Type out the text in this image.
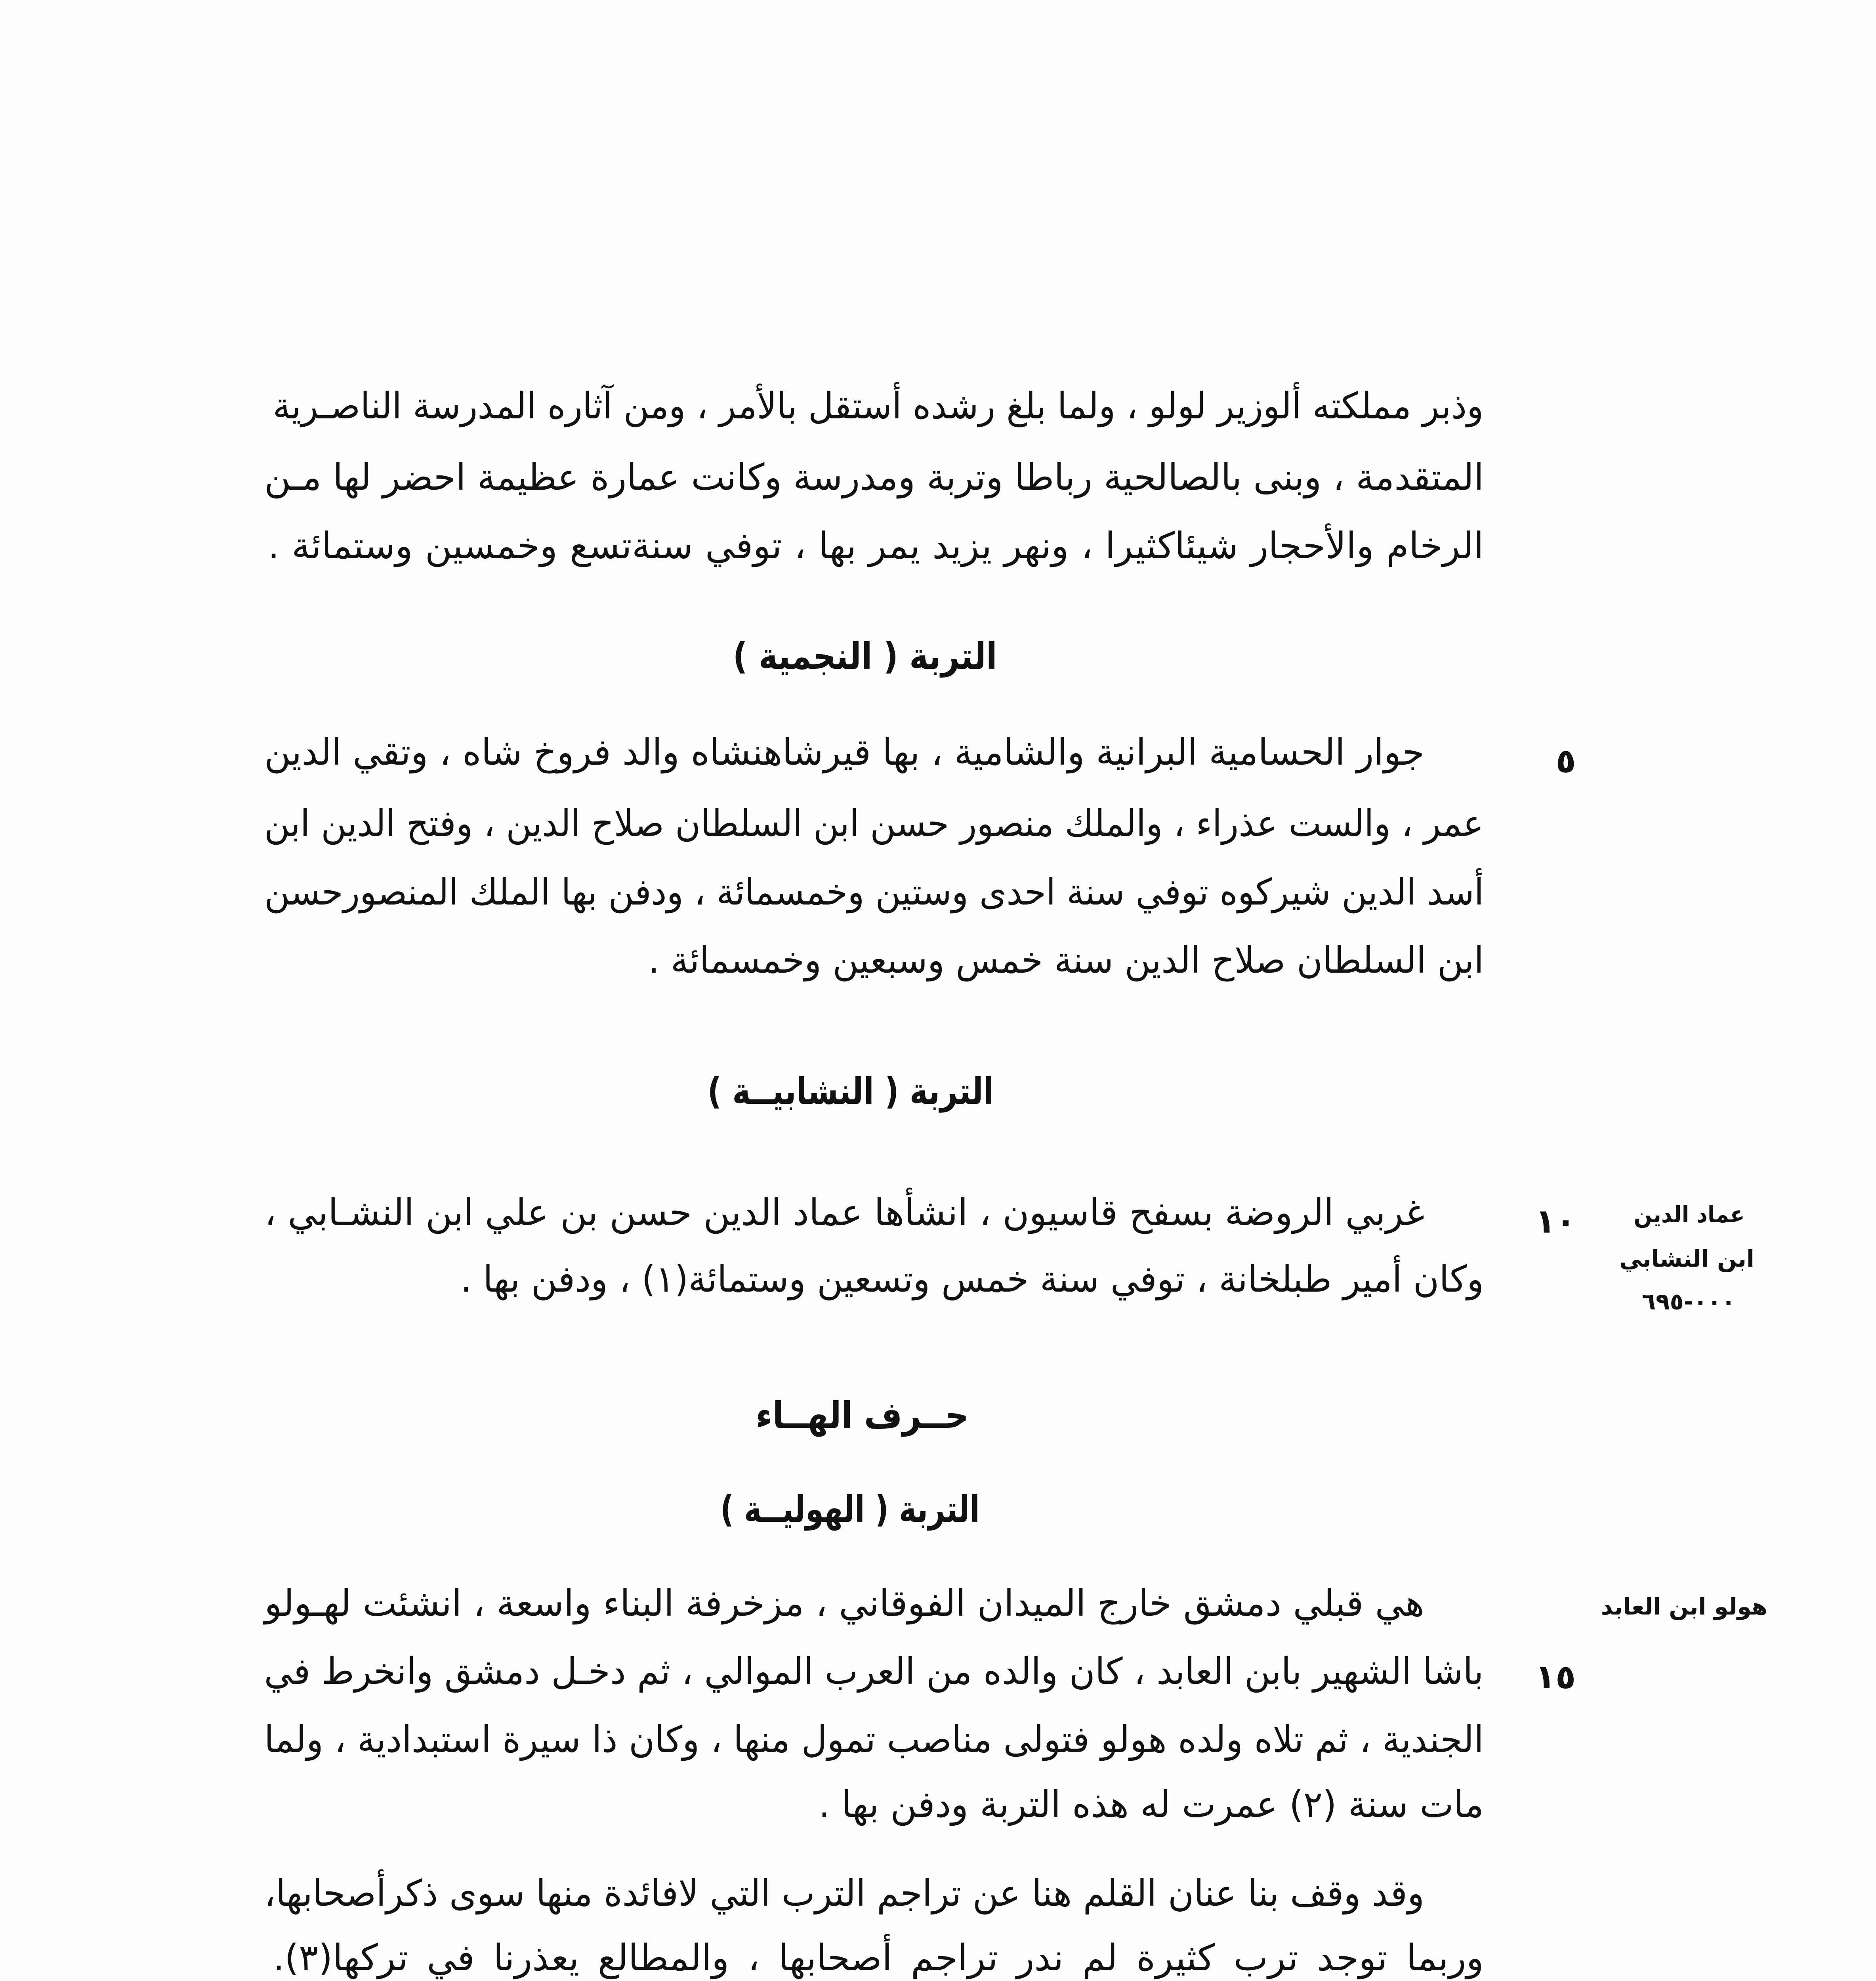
وذبر مملكته ألوزير لولو ، ولما بلغ رشده أستقل بالأمر ، ومن آثاره المدرسة الناصـرية
المتقدمة ، وبنى بالصالحية رباطا وتربة ومدرسة وكانت عمارة عظيمة احضر لها مـن
الرخام والأحجار شيئاكثيرا ، ونهر يزيد يمر بها ، توفي سنةتسع وخمسين وستمائة .
التربة ( النجمية )
٥
جوار الحسامية البرانية والشامية ، بها قيرشاهنشاه والد فروخ شاه ، وتقي الدين
عمر ، والست عذراء ، والملك منصور حسن ابن السلطان صلاح الدين ، وفتح الدين ابن
أسد الدين شيركوه توفي سنة احدى وستين وخمسمائة ، ودفن بها الملك المنصورحسن
ابن السلطان صلاح الدين سنة خمس وسبعين وخمسمائة .
التربة ( النشابيــة )
١٠	عماد الدين
ابن النشابي
٠٠٠-٦٩٥
غربي الروضة بسفح قاسيون ، انشأها عماد الدين حسن بن علي ابن النشـابي ،
وكان أمير طبلخانة ، توفي سنة خمس وتسعين وستمائة(١) ، ودفن بها .
حــرف الهــاء
التربة ( الهوليــة )
هولو ابن العابد
١٥
هي قبلي دمشق خارج الميدان الفوقاني ، مزخرفة البناء واسعة ، انشئت لهـولو
باشا الشهير بابن العابد ، كان والده من العرب الموالي ، ثم دخـل دمشق وانخرط في
الجندية ، ثم تلاه ولده هولو فتولى مناصب تمول منها ، وكان ذا سيرة استبدادية ، ولما
مات سنة (٢) عمرت له هذه التربة ودفن بها .
وقد وقف بنا عنان القلم هنا عن تراجم الترب التي لافائدة منها سوى ذكرأصحابها،
وربما توجد ترب كثيرة لم ندر تراجم أصحابها ، والمطالع يعذرنا في تركها(٣).
